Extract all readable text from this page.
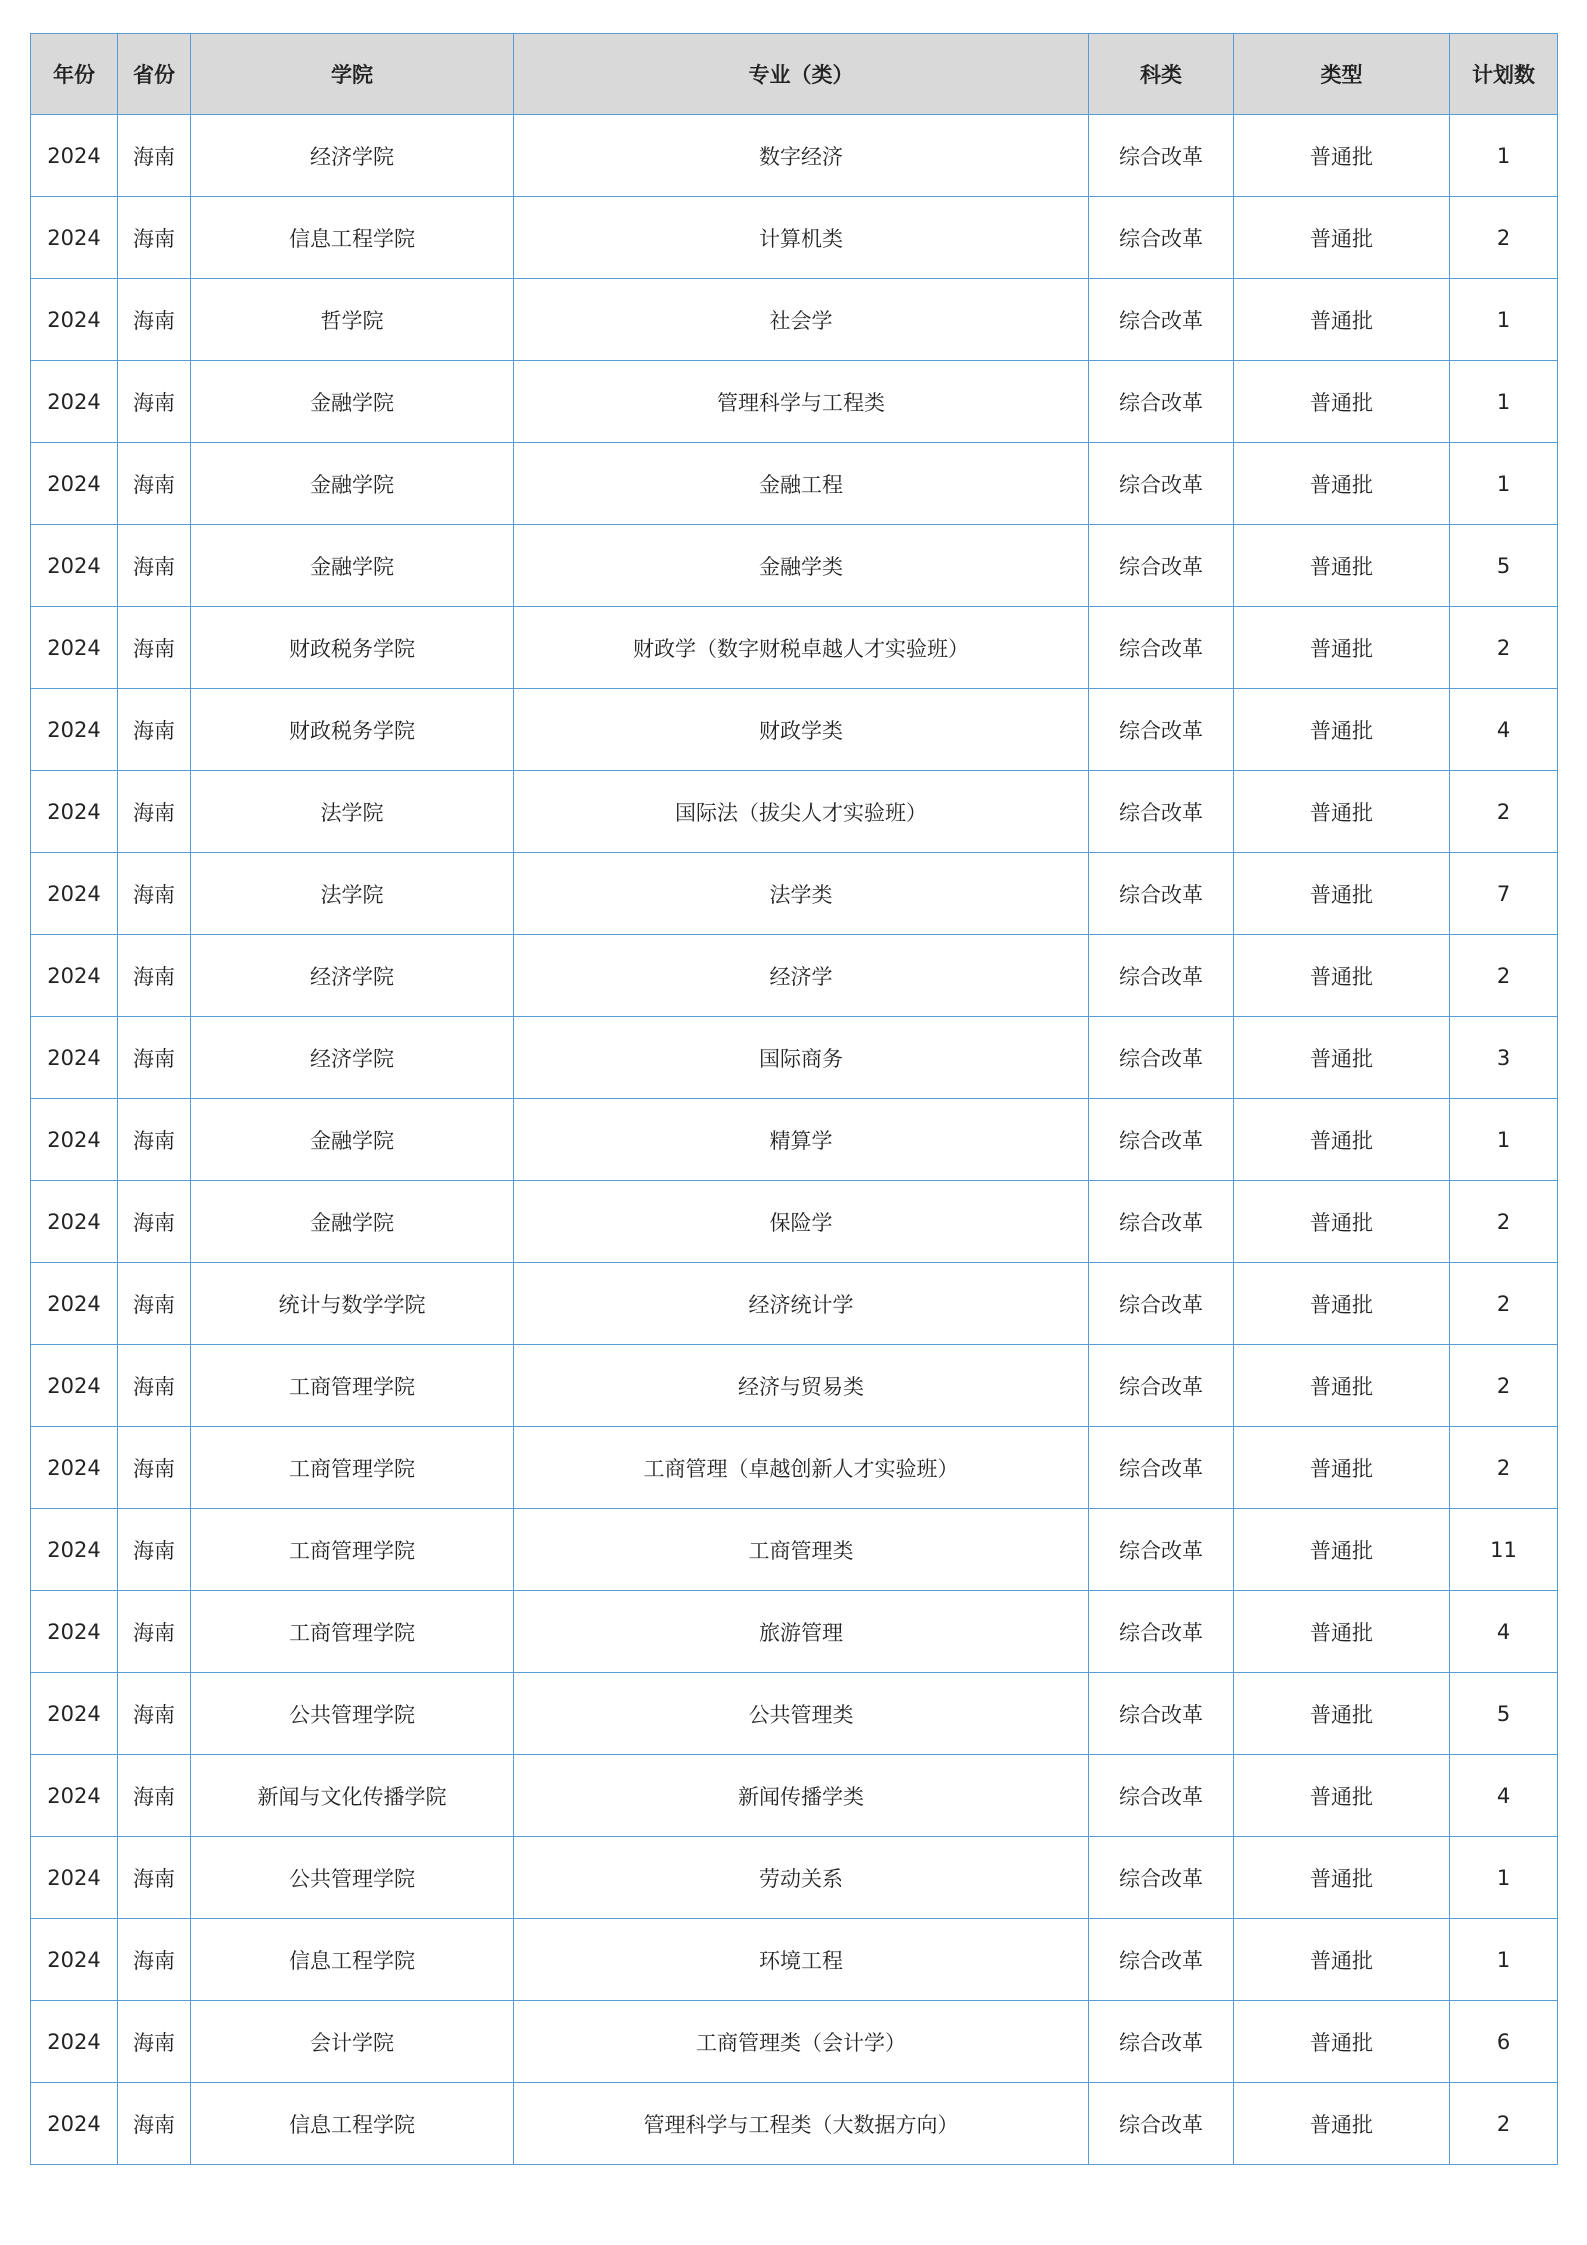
年份	省份	学院	专业（类）	科类	类型	计划数
2024	海南	经济学院	数字经济	综合改革	普通批	1
2024	海南	信息工程学院	计算机类	综合改革	普通批	2
2024	海南	哲学院	社会学	综合改革	普通批	1
2024	海南	金融学院	管理科学与工程类	综合改革	普通批	1
2024	海南	金融学院	金融工程	综合改革	普通批	1
2024	海南	金融学院	金融学类	综合改革	普通批	5
2024	海南	财政税务学院	财政学（数字财税卓越人才实验班）	综合改革	普通批	2
2024	海南	财政税务学院	财政学类	综合改革	普通批	4
2024	海南	法学院	国际法（拔尖人才实验班）	综合改革	普通批	2
2024	海南	法学院	法学类	综合改革	普通批	7
2024	海南	经济学院	经济学	综合改革	普通批	2
2024	海南	经济学院	国际商务	综合改革	普通批	3
2024	海南	金融学院	精算学	综合改革	普通批	1
2024	海南	金融学院	保险学	综合改革	普通批	2
2024	海南	统计与数学学院	经济统计学	综合改革	普通批	2
2024	海南	工商管理学院	经济与贸易类	综合改革	普通批	2
2024	海南	工商管理学院	工商管理（卓越创新人才实验班）	综合改革	普通批	2
2024	海南	工商管理学院	工商管理类	综合改革	普通批	11
2024	海南	工商管理学院	旅游管理	综合改革	普通批	4
2024	海南	公共管理学院	公共管理类	综合改革	普通批	5
2024	海南	新闻与文化传播学院	新闻传播学类	综合改革	普通批	4
2024	海南	公共管理学院	劳动关系	综合改革	普通批	1
2024	海南	信息工程学院	环境工程	综合改革	普通批	1
2024	海南	会计学院	工商管理类（会计学）	综合改革	普通批	6
2024	海南	信息工程学院	管理科学与工程类（大数据方向）	综合改革	普通批	2
